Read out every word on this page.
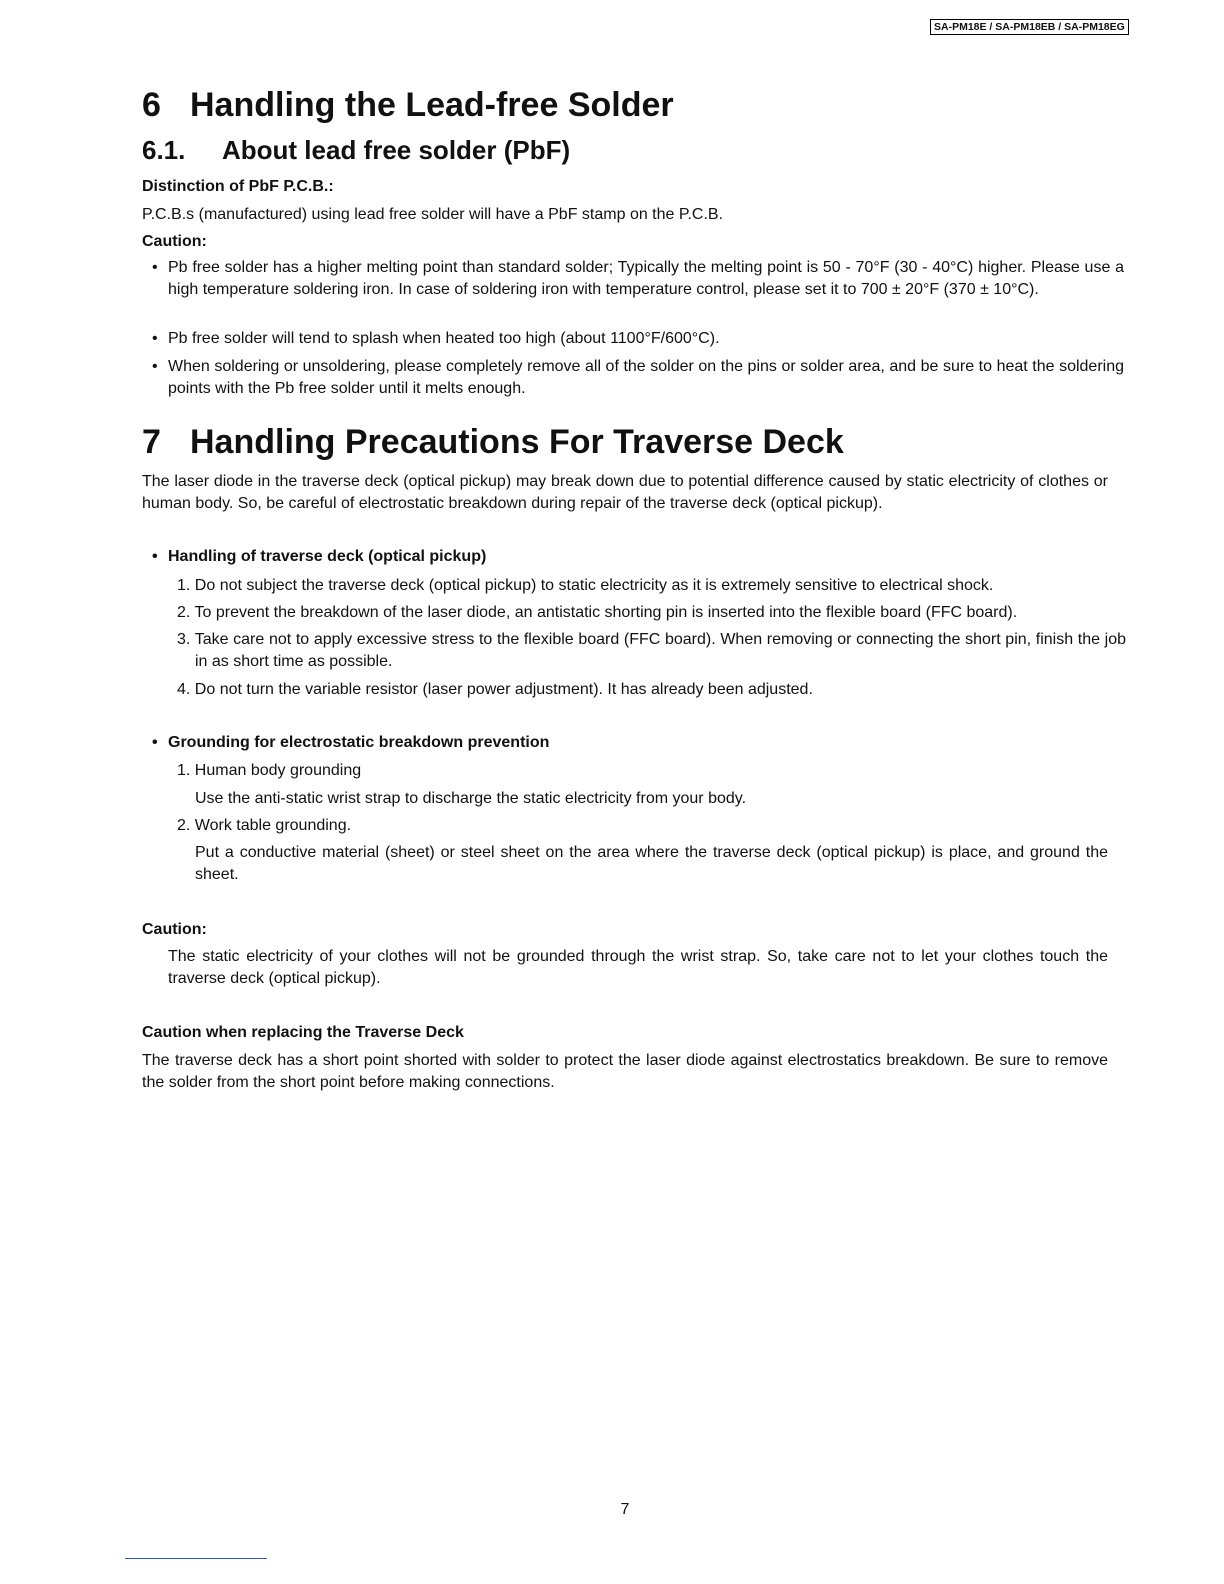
SA-PM18E / SA-PM18EB / SA-PM18EG
6 Handling the Lead-free Solder
6.1. About lead free solder (PbF)
Distinction of PbF P.C.B.:
P.C.B.s (manufactured) using lead free solder will have a PbF stamp on the P.C.B.
Caution:
• Pb free solder has a higher melting point than standard solder; Typically the melting point is 50 - 70°F (30 - 40°C) higher. Please use a high temperature soldering iron. In case of soldering iron with temperature control, please set it to 700 ± 20°F (370 ± 10°C).
• Pb free solder will tend to splash when heated too high (about 1100°F/600°C).
• When soldering or unsoldering, please completely remove all of the solder on the pins or solder area, and be sure to heat the soldering points with the Pb free solder until it melts enough.
7 Handling Precautions For Traverse Deck
The laser diode in the traverse deck (optical pickup) may break down due to potential difference caused by static electricity of clothes or human body. So, be careful of electrostatic breakdown during repair of the traverse deck (optical pickup).
• Handling of traverse deck (optical pickup)
1. Do not subject the traverse deck (optical pickup) to static electricity as it is extremely sensitive to electrical shock.
2. To prevent the breakdown of the laser diode, an antistatic shorting pin is inserted into the flexible board (FFC board).
3. Take care not to apply excessive stress to the flexible board (FFC board). When removing or connecting the short pin, finish the job in as short time as possible.
4. Do not turn the variable resistor (laser power adjustment). It has already been adjusted.
• Grounding for electrostatic breakdown prevention
1. Human body grounding
Use the anti-static wrist strap to discharge the static electricity from your body.
2. Work table grounding.
Put a conductive material (sheet) or steel sheet on the area where the traverse deck (optical pickup) is place, and ground the sheet.
Caution:
The static electricity of your clothes will not be grounded through the wrist strap. So, take care not to let your clothes touch the traverse deck (optical pickup).
Caution when replacing the Traverse Deck
The traverse deck has a short point shorted with solder to protect the laser diode against electrostatics breakdown. Be sure to remove the solder from the short point before making connections.
7
